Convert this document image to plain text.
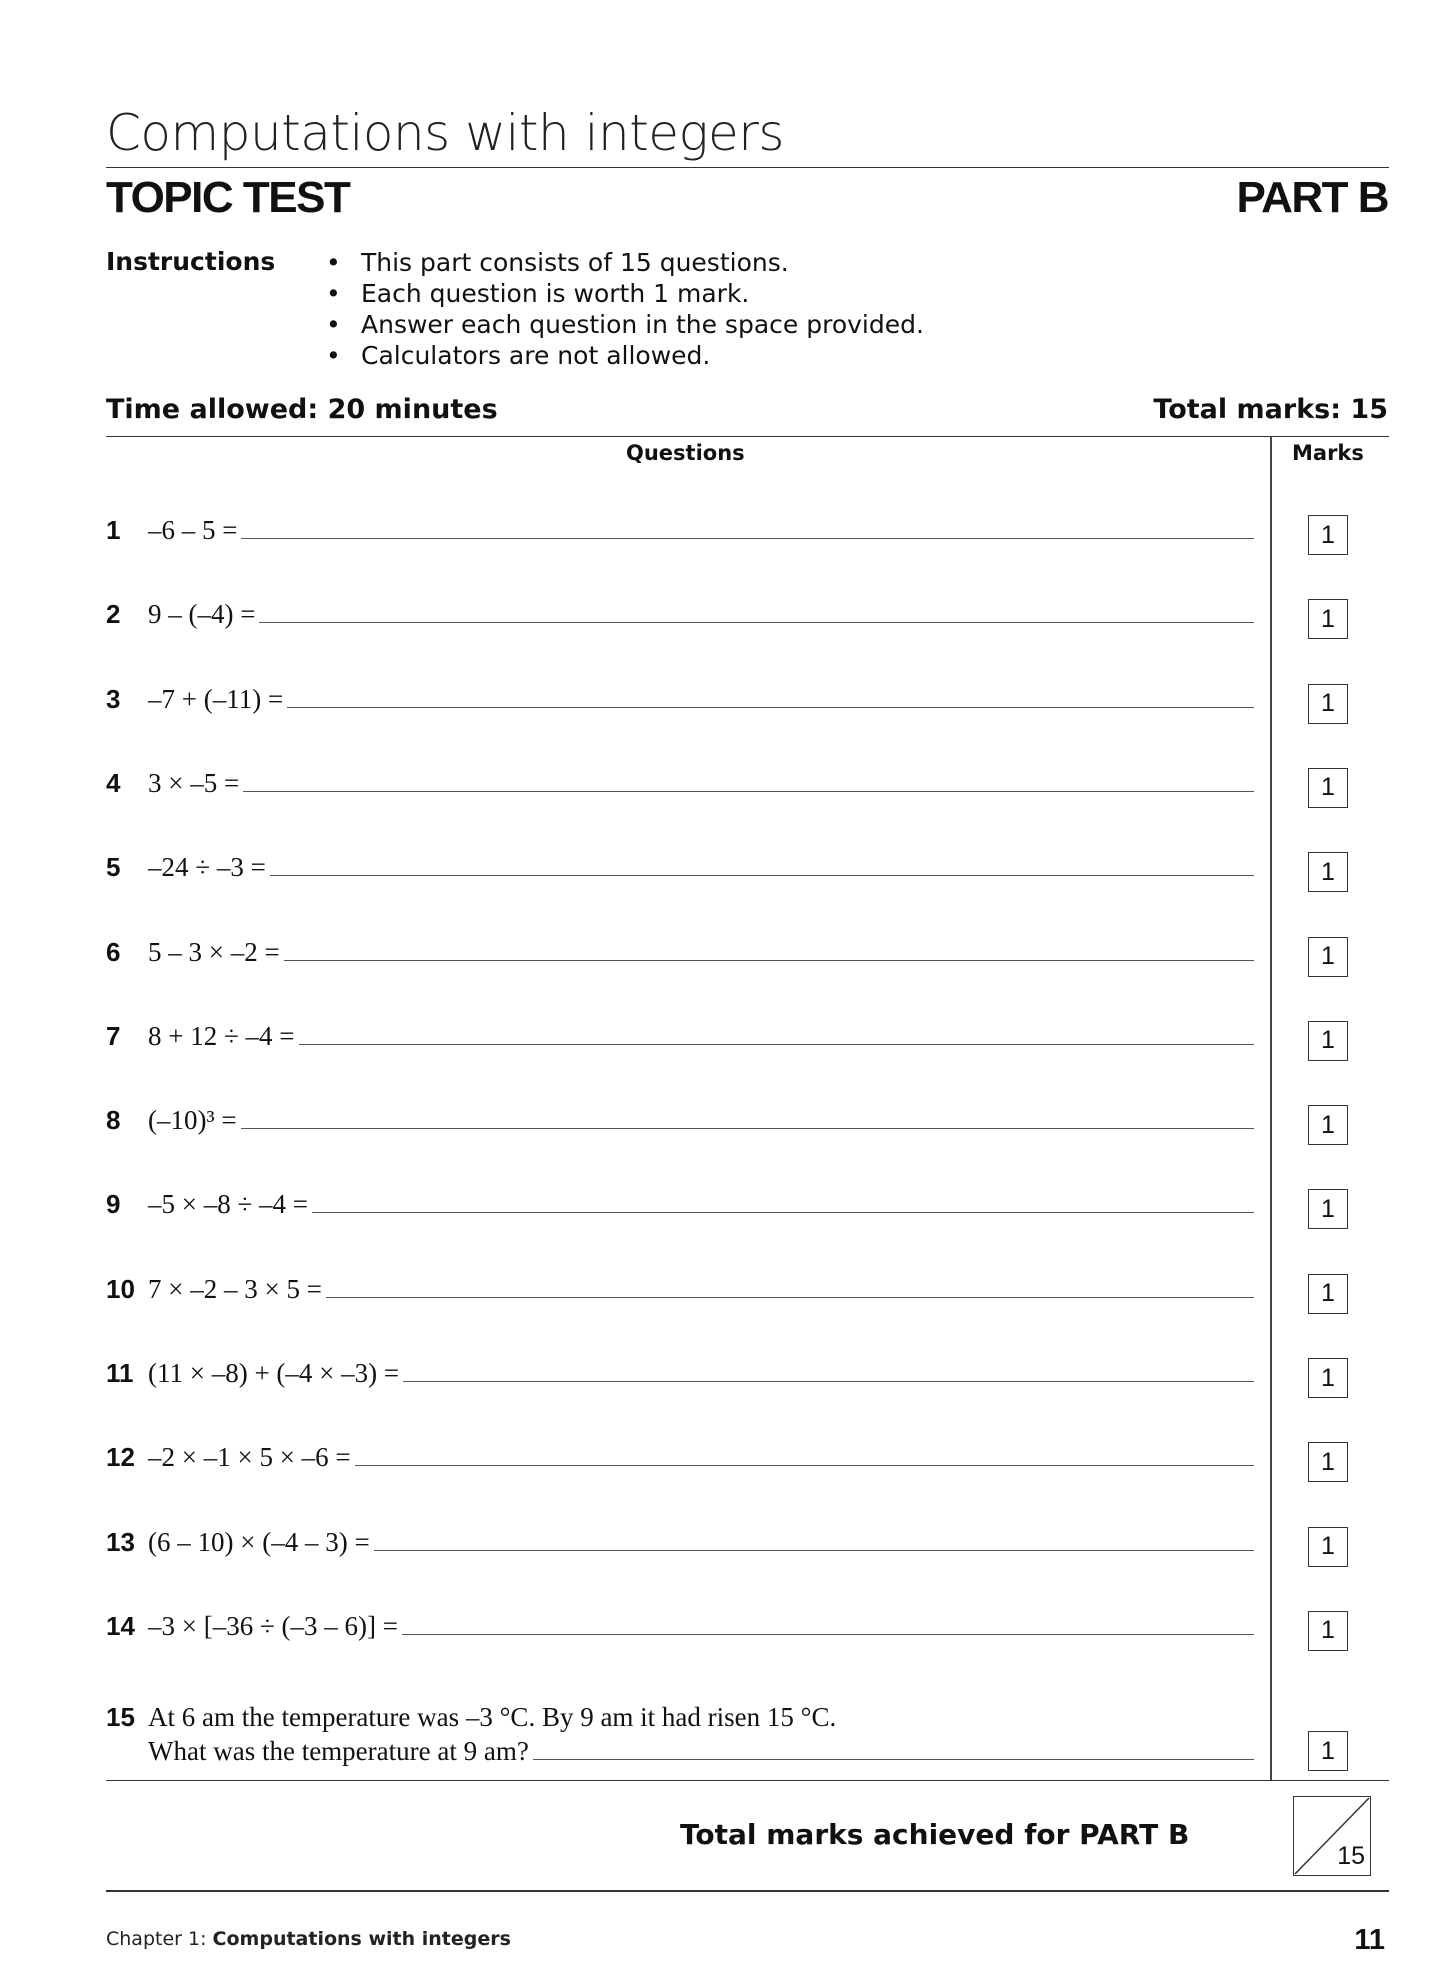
Computations with integers
TOPIC TEST	PART B
Instructions	• This part consists of 15 questions.
• Each question is worth 1 mark.
• Answer each question in the space provided.
• Calculators are not allowed.
Time allowed: 20 minutes	Total marks: 15
Questions	Marks
1	–6 – 5 =	1
2	9 – (–4) =	1
3	–7 + (–11) =	1
4	3 × –5 =	1
5	–24 ÷ –3 =	1
6	5 – 3 × –2 =	1
7	8 + 12 ÷ –4 =	1
8	(–10)³ =	1
9	–5 × –8 ÷ –4 =	1
10 7 × –2 – 3 × 5 =	1
11 (11 × –8) + (–4 × –3) =	1
12 –2 × –1 × 5 × –6 =	1
13 (6 – 10) × (–4 – 3) =	1
14 –3 × [–36 ÷ (–3 – 6)] =	1
15 At 6 am the temperature was –3 °C. By 9 am it had risen 15 °C.
What was the temperature at 9 am?	1
Total marks achieved for PART B
15
Chapter 1: Computations with integers	11
